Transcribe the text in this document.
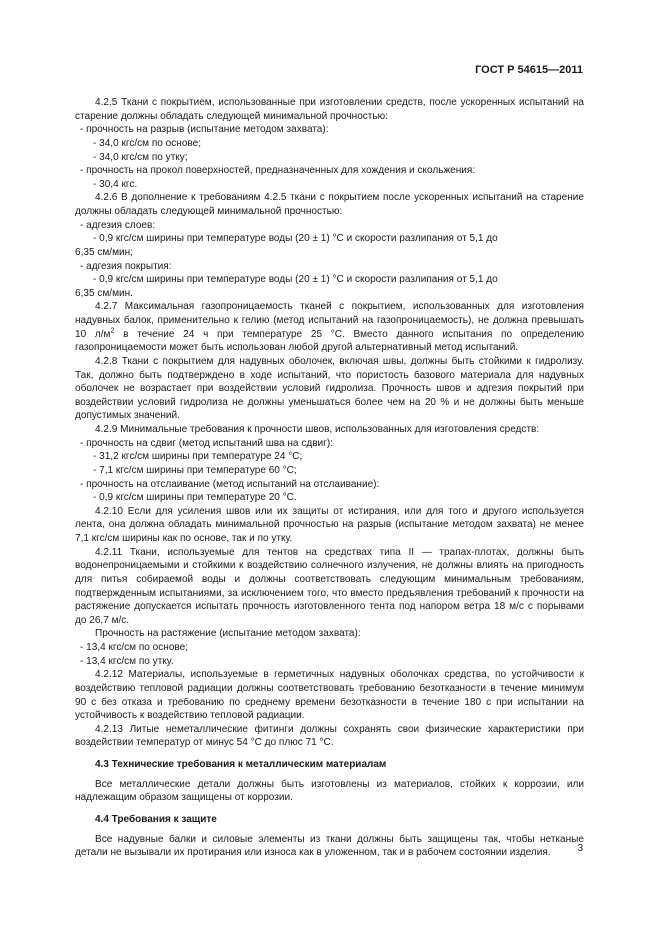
ГОСТ Р 54615—2011

4.2.5 Ткани с покрытием, использованные при изготовлении средств, после ускоренных испытаний на старение должны обладать следующей минимальной прочностью:

- прочность на разрыв (испытание методом захвата):

- 34,0 кгс/см по основе;

- 34,0 кгс/см по утку;

- прочность на прокол поверхностей, предназначенных для хождения и скольжения:

- 30,4 кгс.

4.2.6 В дополнение к требованиям 4.2.5 ткани с покрытием после ускоренных испытаний на старение должны обладать следующей минимальной прочностью:

- адгезия слоев:

- 0,9 кгс/см ширины при температуре воды (20 ± 1) °С и скорости разлипания от 5,1 до

6,35 см/мин;

- адгезия покрытия:

- 0,9 кгс/см ширины при температуре воды (20 ± 1) °С и скорости разлипания от 5,1 до

6,35 см/мин.

4.2.7 Максимальная газопроницаемость тканей с покрытием, использованных для изготовления надувных балок, применительно к гелию (метод испытаний на газопроницаемость), не должна превышать 10 $л/м^2$ в течение 24 ч при температуре 25 °С. Вместо данного испытания по определению газопроницаемости может быть использован любой другой альтернативный метод испытаний.

4.2.8 Ткани с покрытием для надувных оболочек, включая швы, должны быть стойкими к гидролизу. Так, должно быть подтверждено в ходе испытаний, что пористость базового материала для надувных оболочек не возрастает при воздействии условий гидролиза. Прочность швов и адгезия покрытий при воздействии условий гидролиза не должны уменьшаться более чем на 20 % и не должны быть меньше допустимых значений.

4.2.9 Минимальные требования к прочности швов, использованных для изготовления средств:

- прочность на сдвиг (метод испытаний шва на сдвиг):

- 31,2 кгс/см ширины при температуре 24 °С;

- 7,1 кгс/см ширины при температуре 60 °С;

- прочность на отслаивание (метод испытаний на отслаивание):

- 0,9 кгс/см ширины при температуре 20 °С.

4.2.10 Если для усиления швов или их защиты от истирания, или для того и другого используется лента, она должна обладать минимальной прочностью на разрыв (испытание методом захвата) не менее 7,1 кгс/см ширины как по основе, так и по утку.

4.2.11 Ткани, используемые для тентов на средствах типа II — трапах-плотах, должны быть водонепроницаемыми и стойкими к воздействию солнечного излучения, не должны влиять на пригодность для питья собираемой воды и должны соответствовать следующим минимальным требованиям, подтвержденным испытаниями, за исключением того, что вместо предъявления требований к прочности на растяжение допускается испытать прочность изготовленного тента под напором ветра 18 м/с с порывами до 26,7 м/с.

Прочность на растяжение (испытание методом захвата):

- 13,4 кгс/см по основе;

- 13,4 кгс/см по утку.

4.2.12 Материалы, используемые в герметичных надувных оболочках средства, по устойчивости к воздействию тепловой радиации должны соответствовать требованию безотказности в течение минимум 90 с без отказа и требованию по среднему времени безотказности в течение 180 с при испытании на устойчивость к воздействию тепловой радиации.

4.2.13 Литые неметаллические фитинги должны сохранять свои физические характеристики при воздействии температур от минус 54 °С до плюс 71 °С.

4.3 Технические требования к металлическим материалам

Все металлические детали должны быть изготовлены из материалов, стойких к коррозии, или надлежащим образом защищены от коррозии.

4.4 Требования к защите

Все надувные балки и силовые элементы из ткани должны быть защищены так, чтобы нетканые детали не вызывали их протирания или износа как в уложенном, так и в рабочем состоянии изделия.	3
